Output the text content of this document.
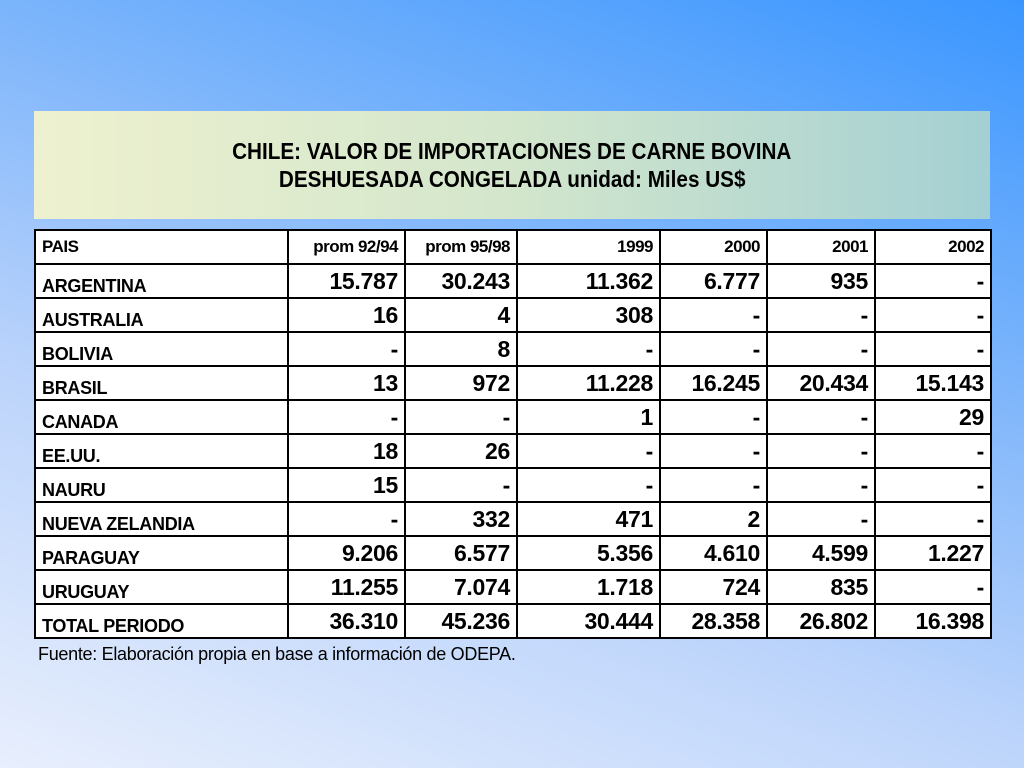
CHILE: VALOR DE IMPORTACIONES DE CARNE BOVINA
DESHUESADA CONGELADA unidad: Miles US$
PAIS	prom 92/94	prom 95/98	1999	2000	2001	2002
ARGENTINA	15.787	30.243	11.362	6.777	935	-
AUSTRALIA	16	4	308	-	-	-
BOLIVIA	-	8	-	-	-	-
BRASIL	13	972	11.228	16.245	20.434	15.143
CANADA	-	-	1	-	-	29
EE.UU.	18	26	-	-	-	-
NAURU	15	-	-	-	-	-
NUEVA ZELANDIA	-	332	471	2	-	-
PARAGUAY	9.206	6.577	5.356	4.610	4.599	1.227
URUGUAY	11.255	7.074	1.718	724	835	-
TOTAL PERIODO	36.310	45.236	30.444	28.358	26.802	16.398
Fuente: Elaboración propia en base a información de ODEPA.
